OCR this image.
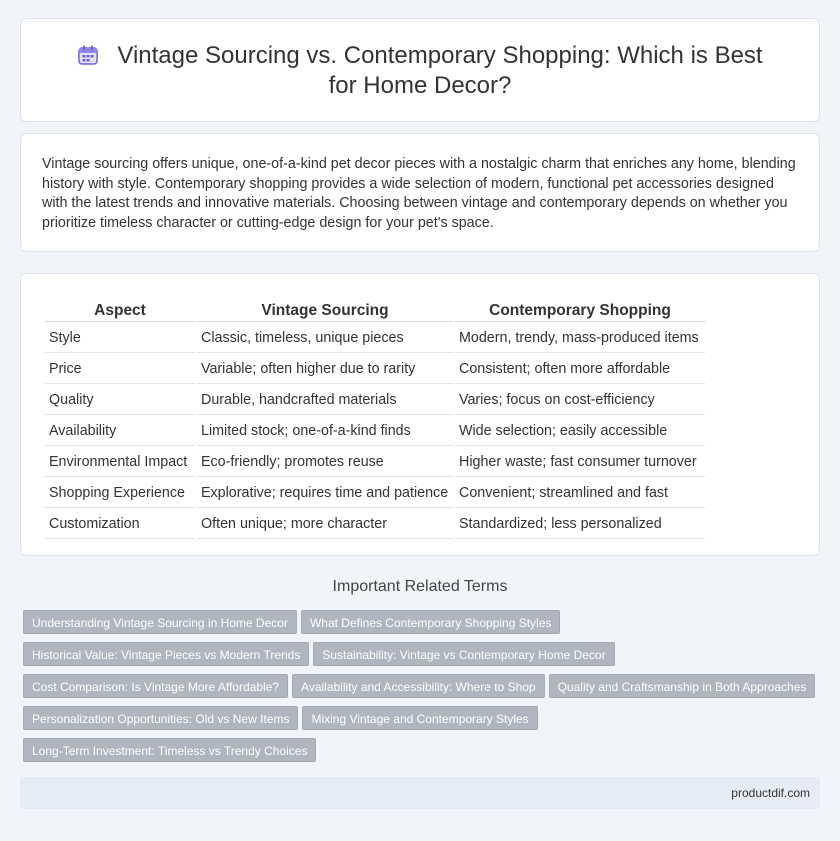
Vintage Sourcing vs. Contemporary Shopping: Which is Best for Home Decor?

Vintage sourcing offers unique, one-of-a-kind pet decor pieces with a nostalgic charm that enriches any home, blending history with style. Contemporary shopping provides a wide selection of modern, functional pet accessories designed with the latest trends and innovative materials. Choosing between vintage and contemporary depends on whether you prioritize timeless character or cutting-edge design for your pet's space.

Aspect	Vintage Sourcing	Contemporary Shopping
Style	Classic, timeless, unique pieces	Modern, trendy, mass-produced items
Price	Variable; often higher due to rarity	Consistent; often more affordable
Quality	Durable, handcrafted materials	Varies; focus on cost-efficiency
Availability	Limited stock; one-of-a-kind finds	Wide selection; easily accessible
Environmental Impact	Eco-friendly; promotes reuse	Higher waste; fast consumer turnover
Shopping Experience	Explorative; requires time and patience	Convenient; streamlined and fast
Customization	Often unique; more character	Standardized; less personalized
Important Related Terms
Understanding Vintage Sourcing in Home Decor What Defines Contemporary Shopping Styles
Historical Value: Vintage Pieces vs Modern Trends Sustainability: Vintage vs Contemporary Home Decor
Cost Comparison: Is Vintage More Affordable? Availability and Accessibility: Where to Shop Quality and Craftsmanship in Both Approaches
Personalization Opportunities: Old vs New Items Mixing Vintage and Contemporary Styles
Long-Term Investment: Timeless vs Trendy Choices
productdif.com
